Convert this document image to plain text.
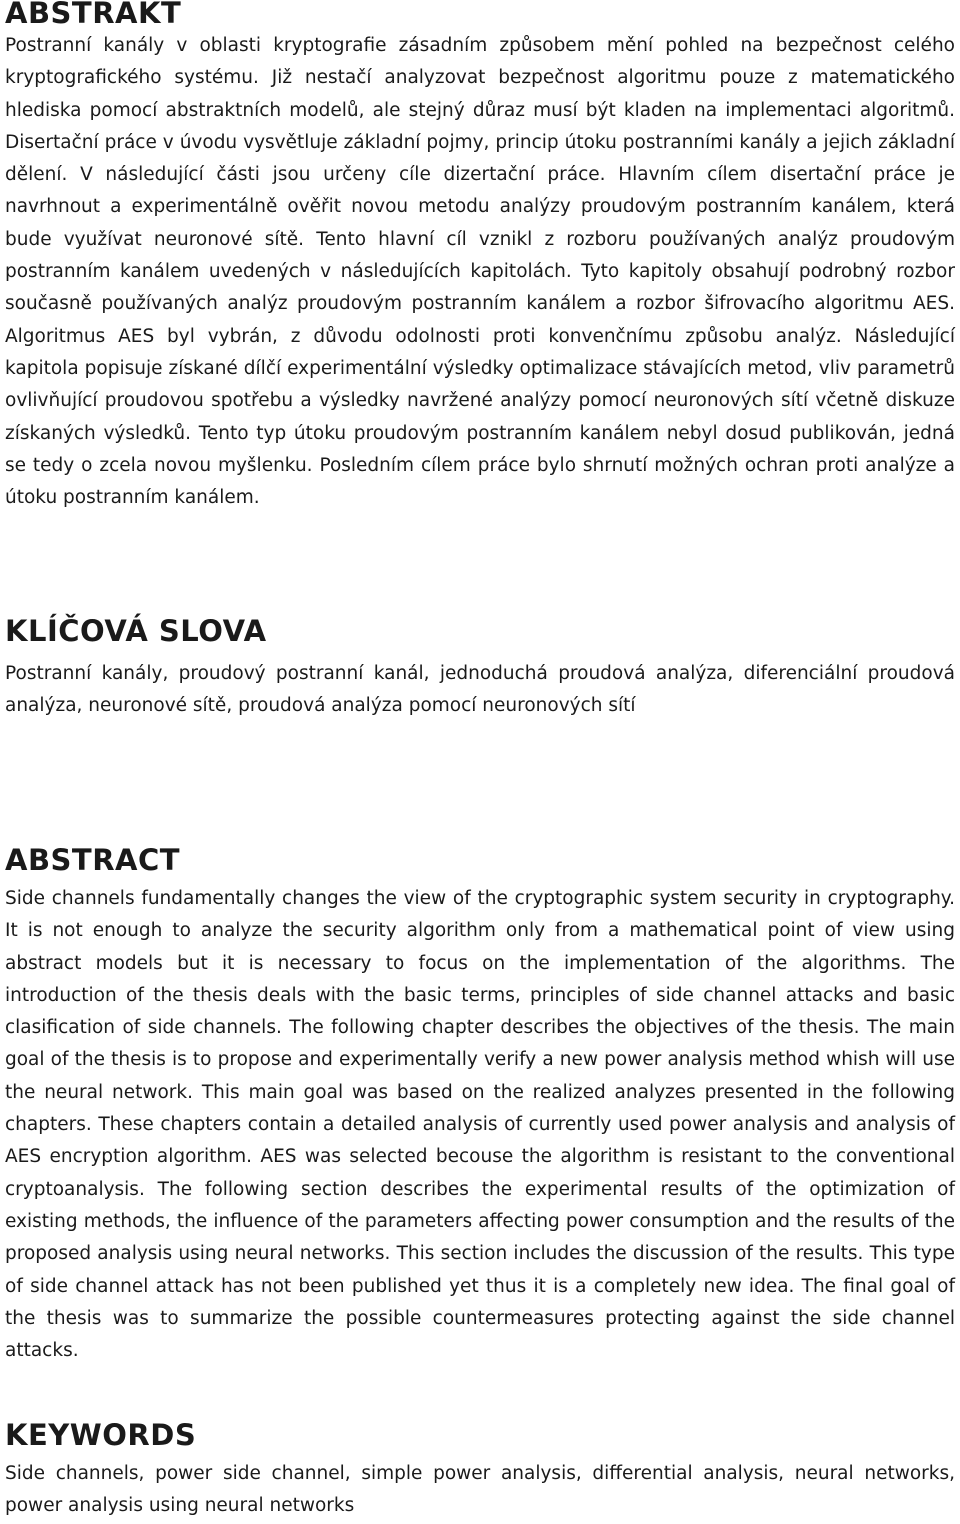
ABSTRAKT

Postranní kanály v oblasti kryptografie zásadním způsobem mění pohled na bezpečnost celého kryptografického systému. Již nestačí analyzovat bezpečnost algoritmu pouze z matematického hlediska pomocí abstraktních modelů, ale stejný důraz musí být kladen na implementaci algoritmů. Disertační práce v úvodu vysvětluje základní pojmy, princip útoku postranními kanály a jejich základní dělení. V následující části jsou určeny cíle dizertační práce. Hlavním cílem disertační práce je navrhnout a experimentálně ověřit novou metodu analýzy proudovým postranním kanálem, která bude využívat neuronové sítě. Tento hlavní cíl vznikl z rozboru používaných analýz proudovým postranním kanálem uvedených v následujících kapitolách. Tyto kapitoly obsahují podrobný rozbor současně používaných analýz proudovým postranním kanálem a rozbor šifrovacího algoritmu AES. Algoritmus AES byl vybrán, z důvodu odolnosti proti konvenčnímu způsobu analýz. Následující kapitola popisuje získané dílčí experimentální výsledky optimalizace stávajících metod, vliv parametrů ovlivňující proudovou spotřebu a výsledky navržené analýzy pomocí neuronových sítí včetně diskuze získaných výsledků. Tento typ útoku proudovým postranním kanálem nebyl dosud publikován, jedná se tedy o zcela novou myšlenku. Posledním cílem práce bylo shrnutí možných ochran proti analýze a útoku postranním kanálem.

KLÍČOVÁ SLOVA

Postranní kanály, proudový postranní kanál, jednoduchá proudová analýza, diferenciální proudová analýza, neuronové sítě, proudová analýza pomocí neuronových sítí

ABSTRACT

Side channels fundamentally changes the view of the cryptographic system security in cryptography. It is not enough to analyze the security algorithm only from a mathematical point of view using abstract models but it is necessary to focus on the implementation of the algorithms. The introduction of the thesis deals with the basic terms, principles of side channel attacks and basic clasification of side channels. The following chapter describes the objectives of the thesis. The main goal of the thesis is to propose and experimentally verify a new power analysis method whish will use the neural network. This main goal was based on the realized analyzes presented in the following chapters. These chapters contain a detailed analysis of currently used power analysis and analysis of AES encryption algorithm. AES was selected becouse the algorithm is resistant to the conventional cryptoanalysis. The following section describes the experimental results of the optimization of existing methods, the influence of the parameters affecting power consumption and the results of the proposed analysis using neural networks. This section includes the discussion of the results. This type of side channel attack has not been published yet thus it is a completely new idea. The final goal of the thesis was to summarize the possible countermeasures protecting against the side channel attacks.

KEYWORDS

Side channels, power side channel, simple power analysis, differential analysis, neural networks, power analysis using neural networks
